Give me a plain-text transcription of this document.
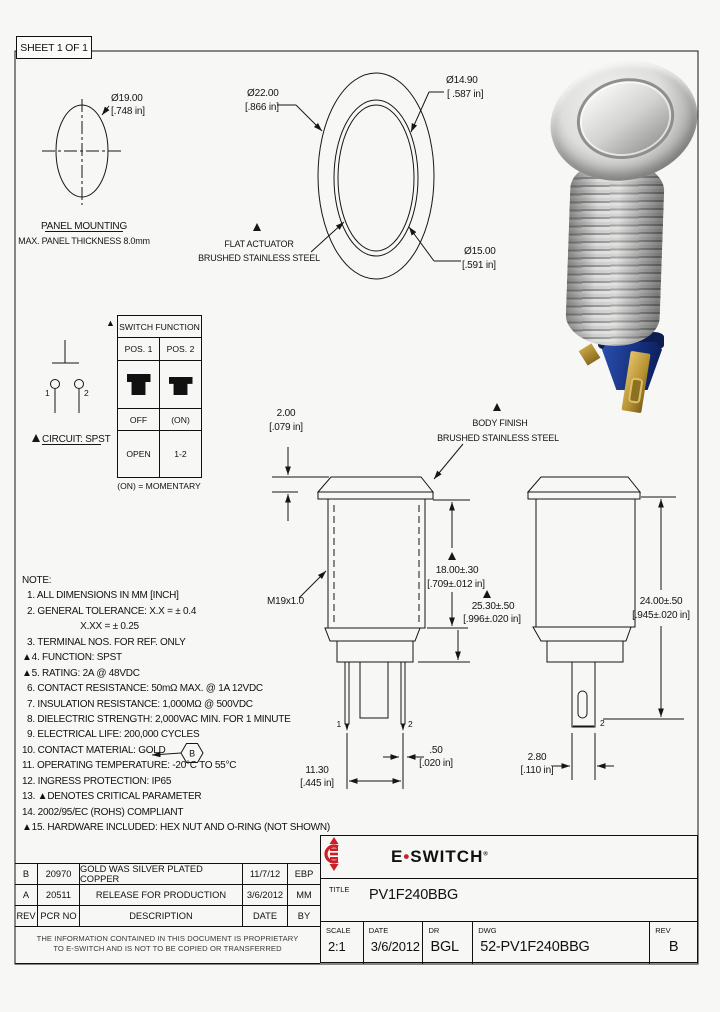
Ø19.00
[.748 in]
PANEL MOUNTING
MAX. PANEL THICKNESS 8.0mm
Ø22.00
[.866 in]
Ø14.90
[ .587 in]
Ø15.00
[.591 in]
FLAT ACTUATOR
BRUSHED STAINLESS STEEL
1	2
CIRCUIT: SPST
1	2
2.00
[.079 in]	BODY FINISH
BRUSHED STAINLESS STEEL
M19x1.0
18.00±.30
[.709±.012 in]
25.30±.50
[.996±.020 in]
11.30
[.445 in]
.50
[.020 in]
2
24.00±.50
[.945±.020 in]
2.80
[.110 in]
B
SHEET 1 OF 1
▲ SWITCH FUNCTION
POS. 1	POS. 2
OFF	(ON)
OPEN	1-2
(ON) = MOMENTARY
NOTE:
1. ALL DIMENSIONS IN MM [INCH]
2. GENERAL TOLERANCE: X.X = ± 0.4
X.XX = ± 0.25
3. TERMINAL NOS. FOR REF. ONLY
▲4. FUNCTION: SPST
▲5. RATING: 2A @ 48VDC
6. CONTACT RESISTANCE: 50mΩ MAX. @ 1A 12VDC
7. INSULATION RESISTANCE: 1,000MΩ @ 500VDC
8. DIELECTRIC STRENGTH: 2,000VAC MIN. FOR 1 MINUTE
9. ELECTRICAL LIFE: 200,000 CYCLES
10. CONTACT MATERIAL: GOLD
11. OPERATING TEMPERATURE: -20°C TO 55°C
12. INGRESS PROTECTION: IP65
13. ▲DENOTES CRITICAL PARAMETER
14. 2002/95/EC (ROHS) COMPLIANT
▲15. HARDWARE INCLUDED: HEX NUT AND O-RING (NOT SHOWN)
B	20970 GOLD WAS SILVER PLATED COPPER	11/7/12	EBP
A	20511	RELEASE FOR PRODUCTION	3/6/2012	MM
REV PCR NO	DESCRIPTION	DATE	BY
THE INFORMATION CONTAINED IN THIS DOCUMENT IS PROPRIETARY
TO E-SWITCH AND IS NOT TO BE COPIED OR TRANSFERRED
E•SWITCH®
TITLE PV1F240BBG
SCALE
2:1
DATE
3/6/2012
DR
BGL
DWG
52-PV1F240BBG
REV
B
